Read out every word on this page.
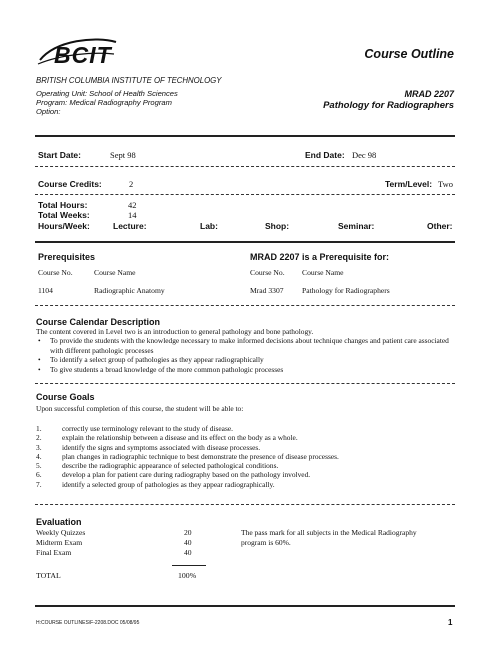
BCIT	Course Outline
BRITISH COLUMBIA INSTITUTE OF TECHNOLOGY
Operating Unit: School of Health Sciences
Program: Medical Radiography Program
Option:
MRAD 2207
Pathology for Radiographers
Start Date:	Sept 98	End Date: Dec 98
Course Credits:	2	Term/Level: Two
Total Hours:	42
Total Weeks:	14
Hours/Week:	Lecture:	Lab:	Shop:	Seminar:	Other:
Prerequisites
Course No.	Course Name
1104	Radiographic Anatomy
MRAD 2207 is a Prerequisite for:
Course No. Course Name
Mrad 3307 Pathology for Radiographers
Course Calendar Description
The content covered in Level two is an introduction to general pathology and bone pathology.
• To provide the students with the knowledge necessary to make informed decisions about technique changes and patient care associated with different pathologic processes
• To identify a select group of pathologies as they appear radiographically
• To give students a broad knowledge of the more common pathologic processes
Course Goals
Upon successful completion of this course, the student will be able to:
1.	correctly use terminology relevant to the study of disease.
2.	explain the relationship between a disease and its effect on the body as a whole.
3.	identify the signs and symptoms associated with disease processes.
4.	plan changes in radiographic technique to best demonstrate the presence of disease processes.
5.	describe the radiographic appearance of selected pathological conditions.
6.	develop a plan for patient care during radiography based on the pathology involved.
7.	identify a selected group of pathologies as they appear radiographically.
Evaluation
Weekly Quizzes	20
Midterm Exam	40
Final Exam	40
TOTAL	100%
The pass mark for all subjects in the Medical Radiography program is 60%.
H:COURSE OUTLINES\F-2208.DOC 05/08/95	1
